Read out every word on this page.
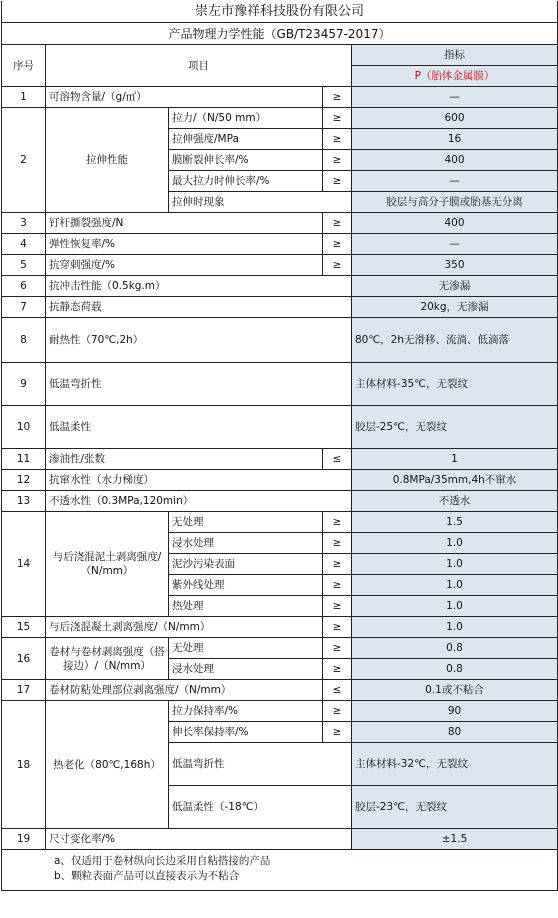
崇左市豫祥科技股份有限公司				
产品物理力学性能（GB/T23457-2017）				
序号	项目			指标
				P（胎体金属膜）
1	可溶物含量/（g/㎡）		≥	—
2	拉伸性能	拉力/（N/50 mm）	≥	600
		拉伸强度/MPa	≥	16
		膜断裂伸长率/%	≥	400
		最大拉力时伸长率/%	≥	—
		拉伸时现象		胶层与高分子膜或胎基无分离
3	钉杆撕裂强度/N		≥	400
4	弹性恢复率/%		≥	—
5	抗穿刺强度/%		≥	350
6	抗冲击性能（0.5kg.m）			无渗漏
7	抗静态荷载			20kg，无渗漏
8	耐热性（70℃,2h）			80℃，2h无滑移、流淌、低滴落
9	低温弯折性			主体材料-35℃，无裂纹
10	低温柔性			胶层-25℃，无裂纹
11	渗油性/张数		≤	1
12	抗窜水性（水力梯度）			0.8MPa/35mm,4h不窜水
13	不透水性（0.3MPa,120min）			不透水
14	与后浇混泥土剥离强度/（N/mm）	无处理	≥	1.5
		浸水处理	≥	1.0
		泥沙污染表面	≥	1.0
		紫外线处理	≥	1.0
		热处理	≥	1.0
15	与后浇混凝土剥离强度/（N/mm）		≥	1.0
16	卷材与卷材剥离强度（搭接边）/（N/mm）	无处理	≥	0.8
		浸水处理	≥	0.8
17	卷材防粘处理部位剥离强度/（N/mm）		≤	0.1或不粘合
18	热老化（80℃,168h）	拉力保持率/%	≥	90
		伸长率保持率/%	≥	80
		低温弯折性		主体材料-32℃，无裂纹
		低温柔性（-18℃）		胶层-23℃，无裂纹
19	尺寸变化率/%			±1.5

a、仅适用于卷材纵向长边采用自粘搭接的产品
b、颗粒表面产品可以直接表示为不粘合				
